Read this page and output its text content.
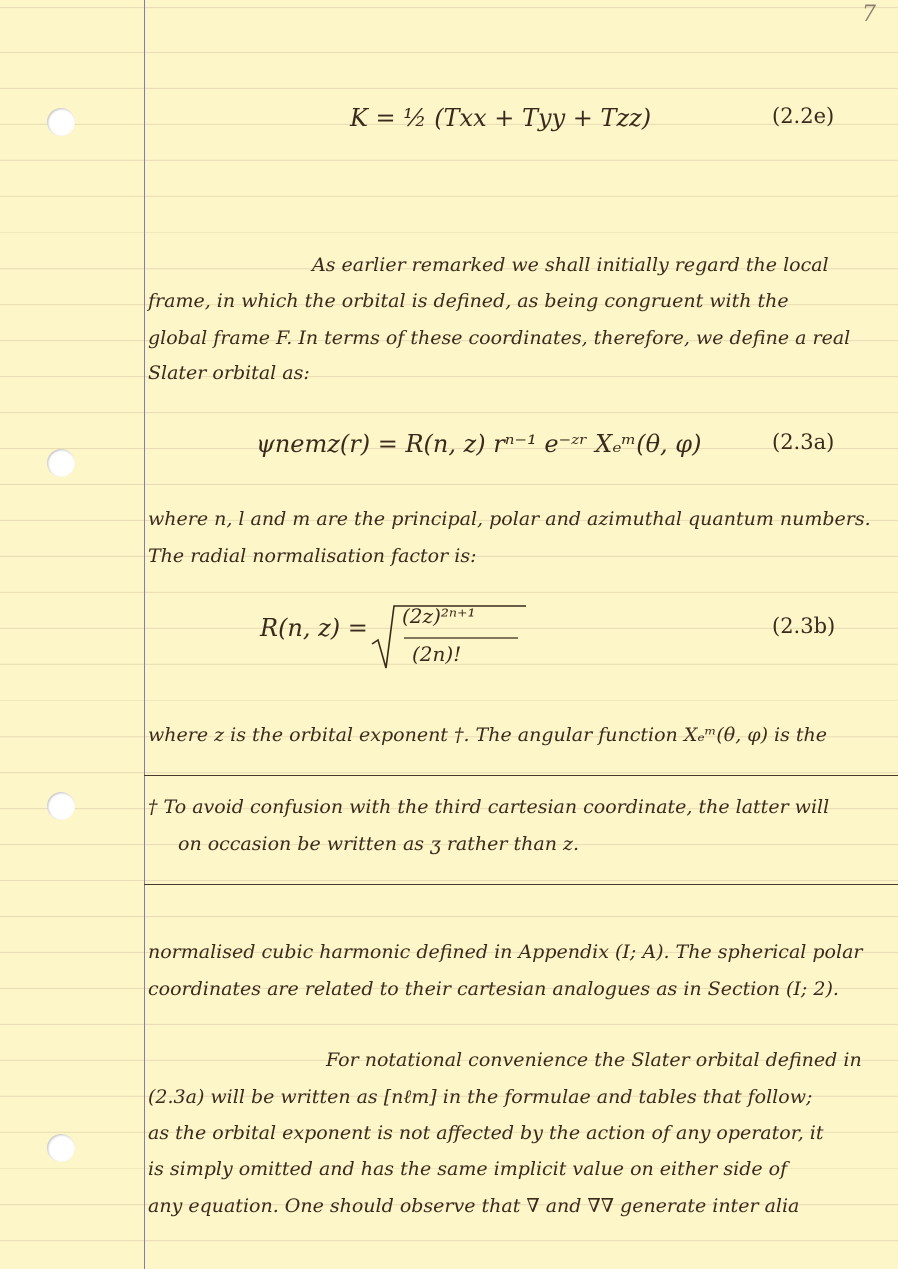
7
K = ½ (Txx + Tyy + Tzz)	(2.2e)
As earlier remarked we shall initially regard the local
frame, in which the orbital is defined, as being congruent with the
global frame F. In terms of these coordinates, therefore, we define a real
Slater orbital as:
ψnemz(r) = R(n, z) rⁿ⁻¹ e⁻ᶻʳ Xₑᵐ(θ, φ)	(2.3a)
where n, l and m are the principal, polar and azimuthal quantum numbers.
The radial normalisation factor is:
R(n, z) = (2z)²ⁿ⁺¹
(2n)!
(2.3b)
where z is the orbital exponent †. The angular function Xₑᵐ(θ, φ) is the
† To avoid confusion with the third cartesian coordinate, the latter will
on occasion be written as ʒ rather than z.
normalised cubic harmonic defined in Appendix (I; A). The spherical polar
coordinates are related to their cartesian analogues as in Section (I; 2).
For notational convenience the Slater orbital defined in
(2.3a) will be written as [nℓm] in the formulae and tables that follow;
as the orbital exponent is not affected by the action of any operator, it
is simply omitted and has the same implicit value on either side of
any equation. One should observe that ∇ and ∇∇ generate inter alia
